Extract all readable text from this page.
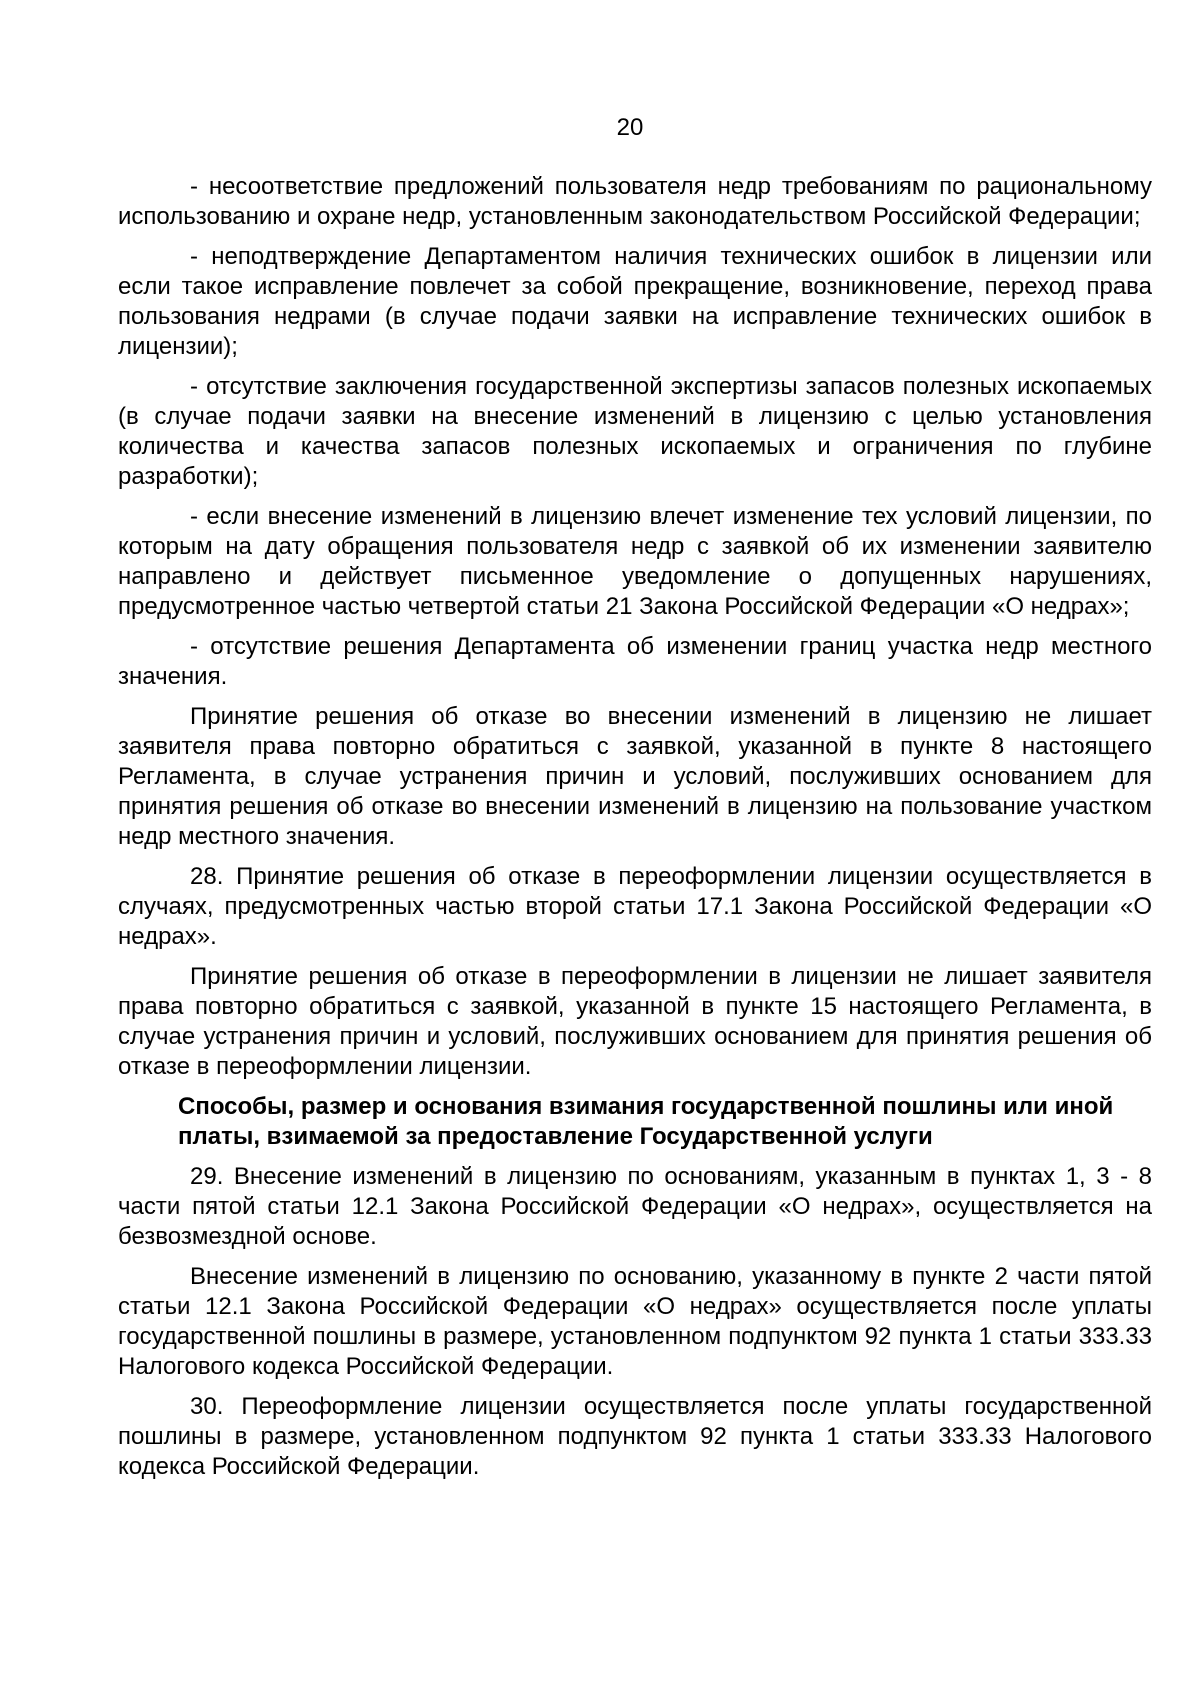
20

- несоответствие предложений пользователя недр требованиям по рациональному использованию и охране недр, установленным законодательством Российской Федерации;

- неподтверждение Департаментом наличия технических ошибок в лицензии или если такое исправление повлечет за собой прекращение, возникновение, переход права пользования недрами (в случае подачи заявки на исправление технических ошибок в лицензии);

- отсутствие заключения государственной экспертизы запасов полезных ископаемых (в случае подачи заявки на внесение изменений в лицензию с целью установления количества и качества запасов полезных ископаемых и ограничения по глубине разработки);

- если внесение изменений в лицензию влечет изменение тех условий лицензии, по которым на дату обращения пользователя недр с заявкой об их изменении заявителю направлено и действует письменное уведомление о допущенных нарушениях, предусмотренное частью четвертой статьи 21 Закона Российской Федерации «О недрах»;

- отсутствие решения Департамента об изменении границ участка недр местного значения.

Принятие решения об отказе во внесении изменений в лицензию не лишает заявителя права повторно обратиться с заявкой, указанной в пункте 8 настоящего Регламента, в случае устранения причин и условий, послуживших основанием для принятия решения об отказе во внесении изменений в лицензию на пользование участком недр местного значения.

28. Принятие решения об отказе в переоформлении лицензии осуществляется в случаях, предусмотренных частью второй статьи 17.1 Закона Российской Федерации «О недрах».

Принятие решения об отказе в переоформлении в лицензии не лишает заявителя права повторно обратиться с заявкой, указанной в пункте 15 настоящего Регламента, в случае устранения причин и условий, послуживших основанием для принятия решения об отказе в переоформлении лицензии.

Способы, размер и основания взимания государственной пошлины или иной платы, взимаемой за предоставление Государственной услуги

29. Внесение изменений в лицензию по основаниям, указанным в пунктах 1, 3 - 8 части пятой статьи 12.1 Закона Российской Федерации «О недрах», осуществляется на безвозмездной основе.

Внесение изменений в лицензию по основанию, указанному в пункте 2 части пятой статьи 12.1 Закона Российской Федерации «О недрах» осуществляется после уплаты государственной пошлины в размере, установленном подпунктом 92 пункта 1 статьи 333.33 Налогового кодекса Российской Федерации.

30. Переоформление лицензии осуществляется после уплаты государственной пошлины в размере, установленном подпунктом 92 пункта 1 статьи 333.33 Налогового кодекса Российской Федерации.
